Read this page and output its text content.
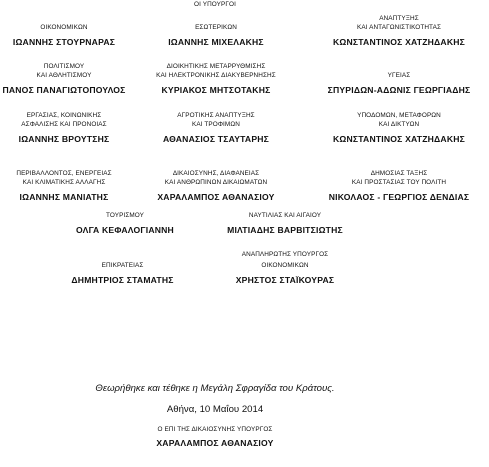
ΟΙ ΥΠΟΥΡΓΟΙ
ΟΙΚΟΝΟΜΙΚΩΝ
ΙΩΑΝΝΗΣ ΣΤΟΥΡΝΑΡΑΣ
ΕΣΩΤΕΡΙΚΩΝ
ΙΩΑΝΝΗΣ ΜΙΧΕΛΑΚΗΣ
ΑΝΑΠΤΥΞΗΣ
ΚΑΙ ΑΝΤΑΓΩΝΙΣΤΙΚΟΤΗΤΑΣ
ΚΩΝΣΤΑΝΤΙΝΟΣ ΧΑΤΖΗΔΑΚΗΣ
ΠΟΛΙΤΙΣΜΟΥ
ΚΑΙ ΑΘΛΗΤΙΣΜΟΥ
ΠΑΝΟΣ ΠΑΝΑΓΙΩΤΟΠΟΥΛΟΣ
ΔΙΟΙΚΗΤΙΚΗΣ ΜΕΤΑΡΡΥΘΜΙΣΗΣ
ΚΑΙ ΗΛΕΚΤΡΟΝΙΚΗΣ ΔΙΑΚΥΒΕΡΝΗΣΗΣ
ΚΥΡΙΑΚΟΣ ΜΗΤΣΟΤΑΚΗΣ
ΥΓΕΙΑΣ
ΣΠΥΡΙΔΩΝ-ΑΔΩΝΙΣ ΓΕΩΡΓΙΑΔΗΣ
ΕΡΓΑΣΙΑΣ, ΚΟΙΝΩΝΙΚΗΣ
ΑΣΦΑΛΙΣΗΣ ΚΑΙ ΠΡΟΝΟΙΑΣ
ΙΩΑΝΝΗΣ ΒΡΟΥΤΣΗΣ
ΑΓΡΟΤΙΚΗΣ ΑΝΑΠΤΥΞΗΣ
ΚΑΙ ΤΡΟΦΙΜΩΝ
ΑΘΑΝΑΣΙΟΣ ΤΣΑΥΤΑΡΗΣ
ΥΠΟΔΟΜΩΝ, ΜΕΤΑΦΟΡΩΝ
ΚΑΙ ΔΙΚΤΥΩΝ
ΚΩΝΣΤΑΝΤΙΝΟΣ ΧΑΤΖΗΔΑΚΗΣ
ΠΕΡΙΒΑΛΛΟΝΤΟΣ, ΕΝΕΡΓΕΙΑΣ
ΚΑΙ ΚΛΙΜΑΤΙΚΗΣ ΑΛΛΑΓΗΣ
ΙΩΑΝΝΗΣ ΜΑΝΙΑΤΗΣ
ΔΙΚΑΙΟΣΥΝΗΣ, ΔΙΑΦΑΝΕΙΑΣ
ΚΑΙ ΑΝΘΡΩΠΙΝΩΝ ΔΙΚΑΙΩΜΑΤΩΝ
ΧΑΡΑΛΑΜΠΟΣ ΑΘΑΝΑΣΙΟΥ
ΔΗΜΟΣΙΑΣ ΤΑΞΗΣ
ΚΑΙ ΠΡΟΣΤΑΣΙΑΣ ΤΟΥ ΠΟΛΙΤΗ
ΝΙΚΟΛΑΟΣ - ΓΕΩΡΓΙΟΣ ΔΕΝΔΙΑΣ
ΤΟΥΡΙΣΜΟΥ
ΟΛΓΑ ΚΕΦΑΛΟΓΙΑΝΝΗ
ΝΑΥΤΙΛΙΑΣ ΚΑΙ ΑΙΓΑΙΟΥ
ΜΙΛΤΙΑΔΗΣ ΒΑΡΒΙΤΣΙΩΤΗΣ
ΕΠΙΚΡΑΤΕΙΑΣ
ΔΗΜΗΤΡΙΟΣ ΣΤΑΜΑΤΗΣ
ΑΝΑΠΛΗΡΩΤΗΣ ΥΠΟΥΡΓΟΣ
ΟΙΚΟΝΟΜΙΚΩΝ
ΧΡΗΣΤΟΣ ΣΤΑΪΚΟΥΡΑΣ
Θεωρήθηκε και τέθηκε η Μεγάλη Σφραγίδα του Κράτους.
Αθήνα, 10 Μαΐου 2014
Ο ΕΠΙ ΤΗΣ ΔΙΚΑΙΟΣΥΝΗΣ ΥΠΟΥΡΓΟΣ
ΧΑΡΑΛΑΜΠΟΣ ΑΘΑΝΑΣΙΟΥ
